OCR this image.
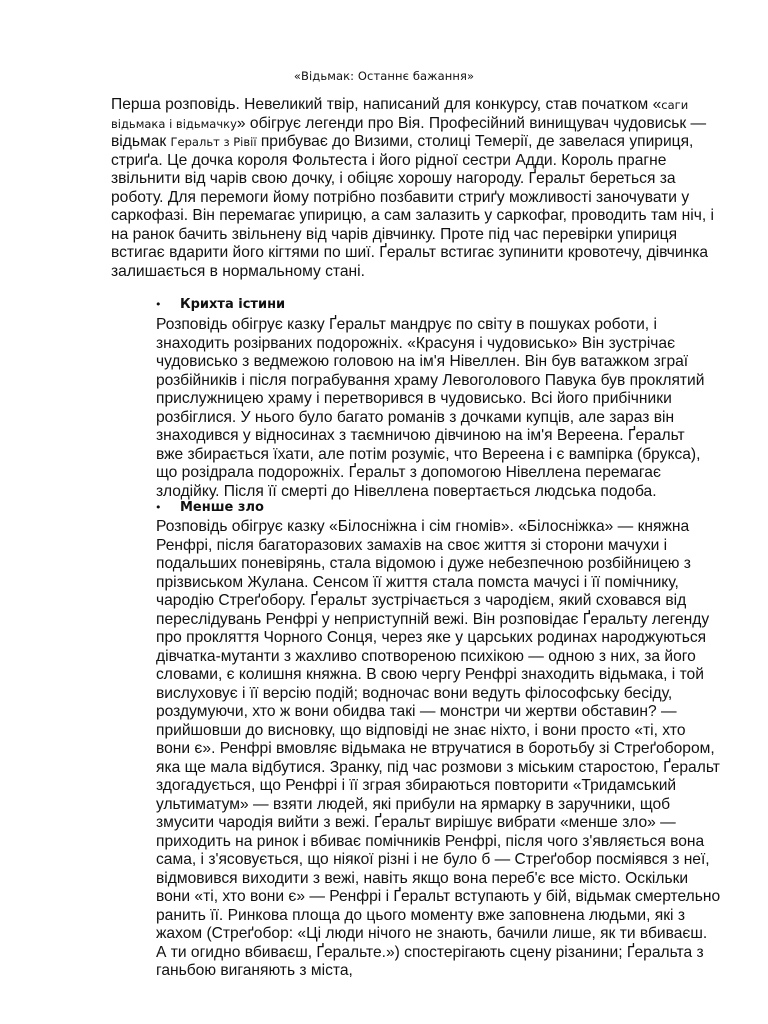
«Відьмак: Останнє бажання»

Перша розповідь. Невеликий твір, написаний для конкурсу, став початком «саги відьмака і відьмачку» обігрує легенди про Вія. Професійний винищувач чудовиськ — відьмак Геральт з Рівії прибуває до Визими, столиці Темерії, де завелася упириця, стриґа. Це дочка короля Фольтеста і його рідної сестри Адди. Король прагне звільнити від чарів свою дочку, і обіцяє хорошу нагороду. Ґеральт береться за роботу. Для перемоги йому потрібно позбавити стриґу можливості заночувати у саркофазі. Він перемагає упирицю, а сам залазить у саркофаг, проводить там ніч, і на ранок бачить звільнену від чарів дівчинку. Проте під час перевірки упириця встигає вдарити його кігтями по шиї. Ґеральт встигає зупинити кровотечу, дівчинка залишається в нормальному стані.

• Крихта істини

Розповідь обігрує казку Ґеральт мандрує по світу в пошуках роботи, і знаходить розірваних подорожніх. «Красуня і чудовисько» Він зустрічає чудовисько з ведмежою головою на ім'я Нівеллен. Він був ватажком зграї розбійників і після пограбування храму Левоголового Павука був проклятий прислужницею храму і перетворився в чудовисько. Всі його прибічники розбіглися. У нього було багато романів з дочками купців, але зараз він знаходився у відносинах з таємничою дівчиною на ім'я Вереена. Ґеральт вже збирається їхати, але потім розуміє, что Вереена і є вампірка (брукса), що розідрала подорожніх. Ґеральт з допомогою Нівеллена перемагає злодійку. Після її смерті до Нівеллена повертається людська подоба.

• Менше зло

Розповідь обігрує казку «Білосніжна і сім гномів». «Білосніжка» — княжна Ренфрі, після багаторазових замахів на своє життя зі сторони мачухи і подальших поневірянь, стала відомою і дуже небезпечною розбійницею з прізвиськом Жулана. Сенсом її життя стала помста мачусі і її помічнику, чародію Стреґобору. Ґеральт зустрічається з чародієм, який сховався від переслідувань Ренфрі у неприступній вежі. Він розповідає Ґеральту легенду про прокляття Чорного Сонця, через яке у царських родинах народжуються дівчатка-мутанти з жахливо спотвореною психікою — одною з них, за його словами, є колишня княжна. В свою чергу Ренфрі знаходить відьмака, і той вислуховує і її версію подій; водночас вони ведуть філософську бесіду, роздумуючи, хто ж вони обидва такі — монстри чи жертви обставин? — прийшовши до висновку, що відповіді не знає ніхто, і вони просто «ті, хто вони є». Ренфрі вмовляє відьмака не втручатися в боротьбу зі Стреґобором, яка ще мала відбутися. Зранку, під час розмови з міським старостою, Ґеральт здогадується, що Ренфрі і її зграя збираються повторити «Тридамський ультиматум» — взяти людей, які прибули на ярмарку в заручники, щоб змусити чародія вийти з вежі. Ґеральт вирішує вибрати «менше зло» — приходить на ринок і вбиває помічників Ренфрі, після чого з'являється вона сама, і з'ясовується, що ніякої різні і не було б — Стреґобор посміявся з неї, відмовився виходити з вежі, навіть якщо вона переб'є все місто. Оскільки вони «ті, хто вони є» — Ренфрі і Ґеральт вступають у бій, відьмак смертельно ранить її. Ринкова площа до цього моменту вже заповнена людьми, які з жахом (Стреґобор: «Ці люди нічого не знають, бачили лише, як ти вбиваєш. А ти огидно вбиваєш, Ґеральте.») спостерігають сцену різанини; Ґеральта з ганьбою виганяють з міста,
